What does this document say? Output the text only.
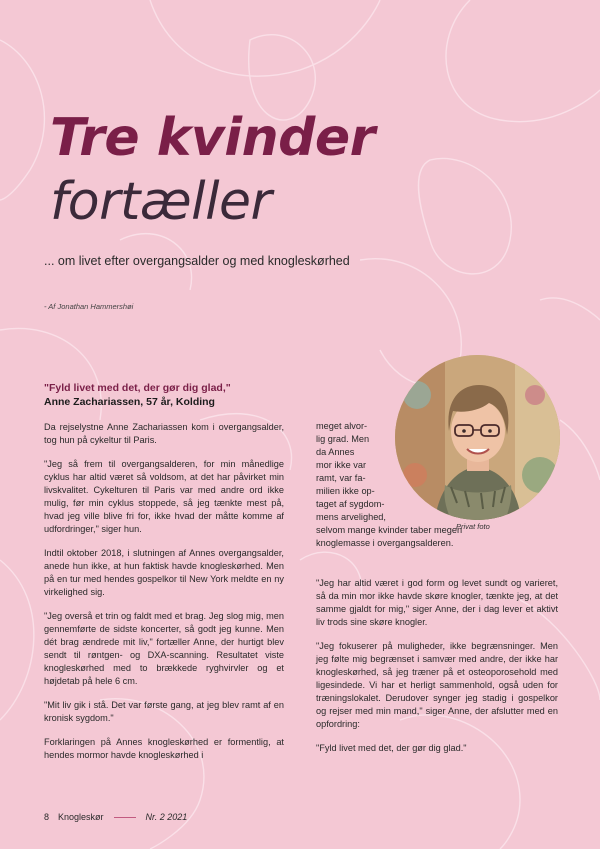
Tre kvinder
fortæller
... om livet efter overgangsalder og med knogleskørhed
- Af Jonathan Hammershøi
"Fyld livet med det, der gør dig glad,"
Anne Zachariassen, 57 år, Kolding

Da rejselystne Anne Zachariassen kom i overgangsalder, tog hun på cykeltur til Paris.

"Jeg så frem til overgangsalderen, for min månedlige cyklus har altid været så voldsom, at det har påvirket min livskvalitet. Cykelturen til Paris var med andre ord ikke mulig, før min cyklus stoppede, så jeg tænkte mest på, hvad jeg ville blive fri for, ikke hvad der måtte komme af udfordringer," siger hun.

Indtil oktober 2018, i slutningen af Annes overgangsalder, anede hun ikke, at hun faktisk havde knogleskørhed. Men på en tur med hendes gospelkor til New York meldte en ny virkelighed sig.

"Jeg overså et trin og faldt med et brag. Jeg slog mig, men gennemførte de sidste koncerter, så godt jeg kunne. Men dét brag ændrede mit liv," fortæller Anne, der hurtigt blev sendt til røntgen- og DXA-scanning. Resultatet viste knogleskørhed med to brækkede ryghvirvler og et højdetab på hele 6 cm.

"Mit liv gik i stå. Det var første gang, at jeg blev ramt af en kronisk sygdom."

Forklaringen på Annes knogleskørhed er formentlig, at hendes mormor havde knogleskørhed i

meget alvor-
lig grad. Men
da Annes
mor ikke var
ramt, var fa-
milien ikke op-
taget af sygdom-
mens arvelighed,
selvom mange kvinder taber megen knoglemasse i overgangsalderen.

"Jeg har altid været i god form og levet sundt og varieret, så da min mor ikke havde skøre knogler, tænkte jeg, at det samme gjaldt for mig," siger Anne, der i dag lever et aktivt liv trods sine skøre knogler.

"Jeg fokuserer på muligheder, ikke begrænsninger. Men jeg følte mig begrænset i samvær med andre, der ikke har knogleskørhed, så jeg træner på et osteoporosehold med ligesindede. Vi har et herligt sammenhold, også uden for træningslokalet. Derudover synger jeg stadig i gospelkor og rejser med min mand," siger Anne, der afslutter med en opfordring:

"Fyld livet med det, der gør dig glad."

Privat foto
8 Knogleskør	Nr. 2 2021
